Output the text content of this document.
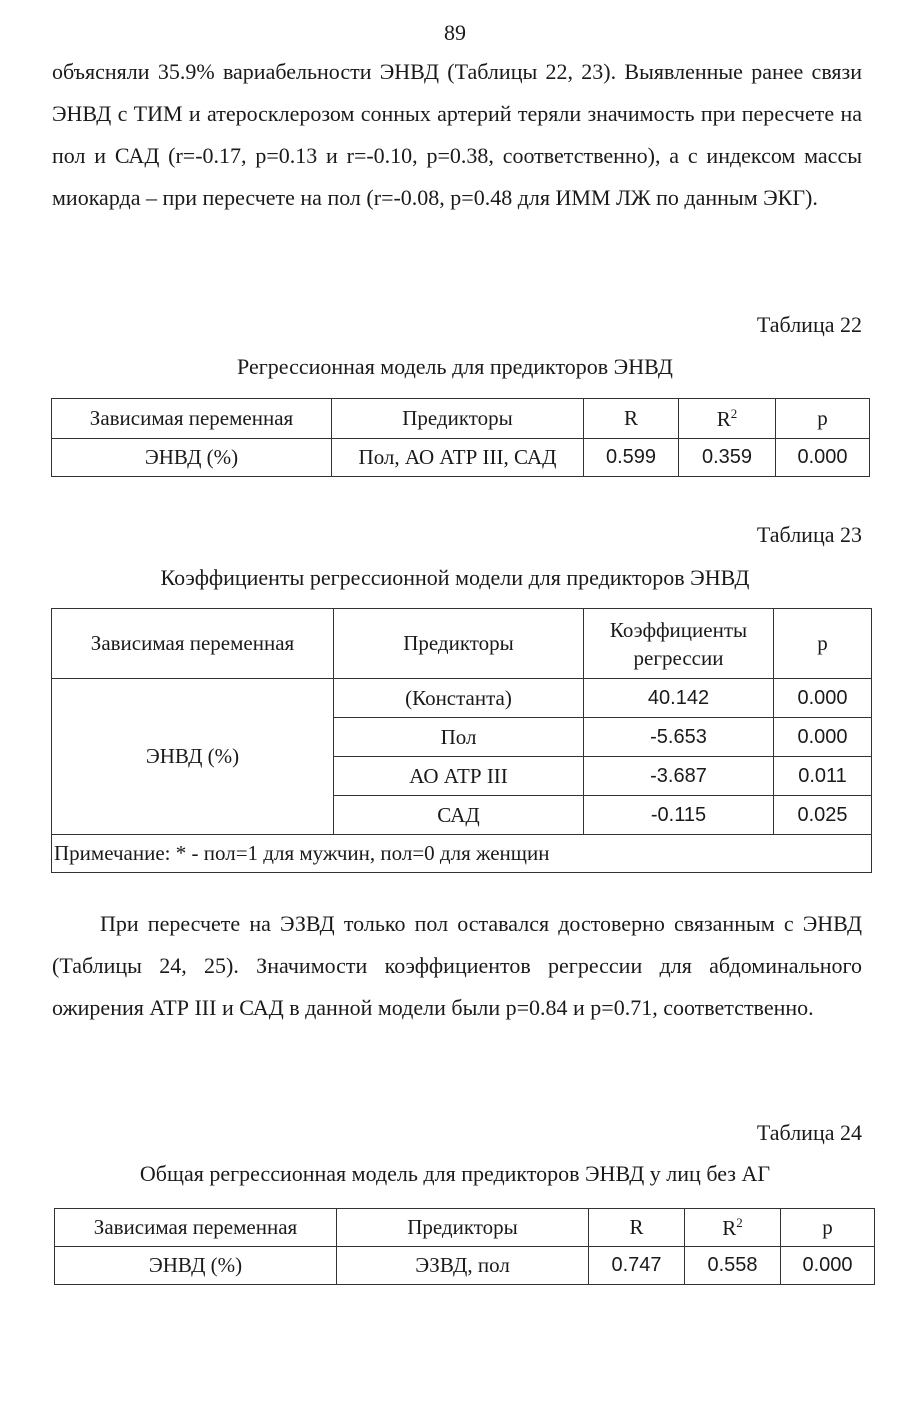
89

объясняли 35.9% вариабельности ЭНВД (Таблицы 22, 23). Выявленные ранее связи ЭНВД с ТИМ и атеросклерозом сонных артерий теряли значимость при пересчете на пол и САД (r=-0.17, p=0.13 и r=-0.10, p=0.38, соответственно), а с индексом массы миокарда – при пересчете на пол (r=-0.08, p=0.48 для ИММ ЛЖ по данным ЭКГ).

Таблица 22
Регрессионная модель для предикторов ЭНВД
Зависимая переменная	Предикторы	R	$R^2$	p
ЭНВД (%)	Пол, АО АТР III, САД	0.599	0.359	0.000
Таблица 23
Коэффициенты регрессионной модели для предикторов ЭНВД
Зависимая переменная	Предикторы	Коэффициенты регрессии	p
ЭНВД (%)	(Константа)	40.142	0.000
	Пол	-5.653	0.000
	АО АТР III	-3.687	0.011
	САД	-0.115	0.025
Примечание: * - пол=1 для мужчин, пол=0 для женщин			

При пересчете на ЭЗВД только пол оставался достоверно связанным с ЭНВД (Таблицы 24, 25). Значимости коэффициентов регрессии для абдоминального ожирения АТР III и САД в данной модели были p=0.84 и p=0.71, соответственно.

Таблица 24
Общая регрессионная модель для предикторов ЭНВД у лиц без АГ
Зависимая переменная	Предикторы	R	$R^2$	p
ЭНВД (%)	ЭЗВД, пол	0.747	0.558	0.000
